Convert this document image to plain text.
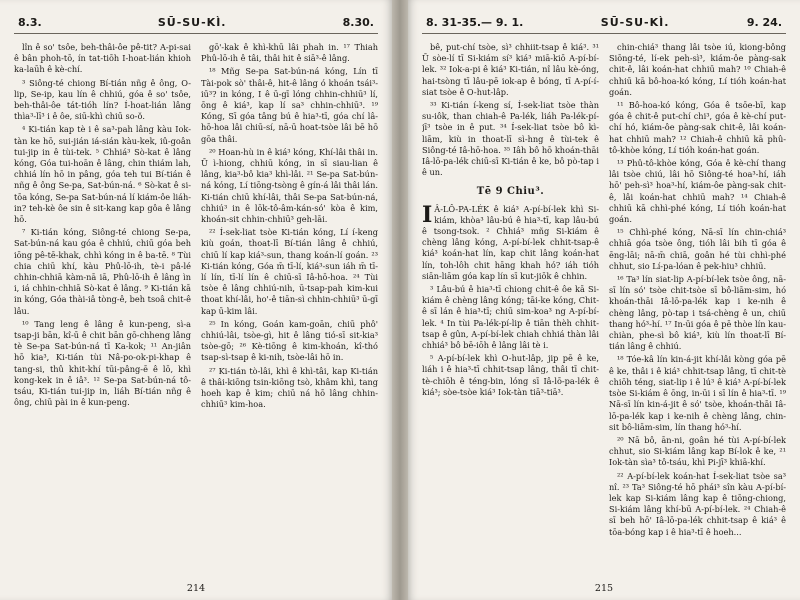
8.3.	SŪ-SU-KÌ.	8.30.

lîn ê so' tsôe, beh-thâi-ôe pê-tit? A-pi-sai ê bân phoh-tō, ín tat-tiōh I-hoat-lián khioh ka-laūh ê kè-chí.

³ Siông-té chiong Bí-tián nñg ê ông, O-lip, Se-ip, kau lín ê chhiú, góa ê so' tsôe, beh-thâi-ôe tát-tióh lín? Í-hoat-lián lâng thìa³-lī³ i ê ôe, siū-khì chiū so-ŏ.

⁴ Ki-tián kap tè i ê sa³-pah lâng kàu Iok-tàn ke hō, sui-jián iá-sián kàu-kek, iû-goân tui-jip in ê tùi-tek. ⁵ Chhiá³ Sò-kat ê lâng kóng, Góa tui-hoān ê lâng, chin thiám lah, chhiá lín hō in pâng, góa teh tui Bí-tián ê nñg ê ông Se-pa, Sat-bún-ná. ⁶ Sò-kat ê si-tōa kóng, Se-pa Sat-bún-ná lí kiám-ôe liáh-in? teh-kè ôe sin ê sit-kang kap gôa ê lâng hō.

⁷ Ki-tián kóng, Siông-té chiong Se-pa, Sat-bún-ná kau góa ê chhiú, chiū góa beh iōng pê-tē-khak, chhì kóng in ê ba-tē. ⁸ Tùi chia chiū khí, kàu Phû-lō-ih, tè-i pâ-lé chhin-chhiā kàm-nā iā, Phû-lō-ih ê lâng ìn i, iá chhin-chhiā Sò-kat ê lâng. ⁹ Ki-tián kā in kóng, Góa thài-iâ tòng-ê, beh tsoâ chit-ê lâu.

¹⁰ Tang leng ê lâng ê kun-peng, sì-a tsap-ji bān, kî-ū ê chit bān gō-chheng lâng tè Se-pa Sat-bún-ná tī Ka-kok; ¹¹ An-jiân hō kia³, Ki-tián tùi Nâ-po-ok-pi-khap ê tang-si, thû khit-khí tūi-pâng-ē ê lō, khì kong-kek in ê iâ³. ¹² Se-pa Sat-bún-ná tô-tsáu, Ki-tián tui-jip in, liáh Bí-tián nñg ê ông, chiū pài in ê kun-peng.

gō'-kak ê khì-khū lâi phah in. ¹⁷ Thiah Phû-lō-ih ê tâi, thâi hit ê siā³-ê lâng.

¹⁸ Mñg Se-pa Sat-bún-ná kóng, Lín tī Tài-pok sò' thâi-ê, hit-ê lâng ó khoán tsái³-iū³? in kóng, I ê ū-gī lóng chhin-chhiū³ lí, ōng ê kiá³, kap lí sa³ chhin-chhiū³. ¹⁹ Kóng, Sī góa tâng bú ê hia³-tī, góa chí lâ-hō-hoa lâi chiū-sí, nā-ū hoat-tsòe lâi bē hō gōa thâi.

²⁰ Hoan-hù in ê kiá³ kóng, Khí-lâi thâi in. Ū ì-hiong, chhiū kóng, in sī siau-lian ê lâng, kia³-bô kia³ khì-lâi. ²¹ Se-pa Sat-bún-ná kóng, Lí tiōng-tsòng ê gín-á lâi thâi lán. Ki-tián chiū khí-lâi, thâi Se-pa Sat-bún-ná, chhiú³ in ê lōk-tô-âm-kán-só' kòa ê kim, khoán-sit chhin-chhiū³ geh-lāi.

²² Í-sek-liat tsòe Ki-tián kóng, Lí í-keng kiù goán, thoat-lī Bí-tián lâng ê chhiú, chiū lí kap kiá³-sun, thang koán-lí goán. ²³ Ki-tián kóng, Góa m̄ tī-lí, kiá³-sun iáh m̄ tī-lí lín, tī-lí lín ê chiū-sī Iâ-hō-hoa. ²⁴ Tùi tsòe ê lâng chhiú-nih, ū-tsap-pah kim-kui thoat khí-lâi, ho'-ê tiān-sì chhin-chhiū³ ū-gī kap ū-kim lâi.

²⁵ In kóng, Goán kam-goān, chiū phô' chhiú-lâi, tsòe-gì, hit ê lâng tió-sī sit-kia³ tsòe-gō; ²⁶ Kè-tiōng ê kim-khoán, kî-thó tsap-sì-tsap ê ki-nih, tsòe-lâi hō in.

²⁷ Ki-tián tò-lâi, khì ê khì-tâi, kap Ki-tián ê thâi-kiōng tsin-kiōng tsò, khâm khì, tang hoeh kap ê kim; chiū ná hō lâng chhin-chhiū³ kim-hoa.

214
8. 31-35.— 9. 1.	SŪ-SU-KÌ.	9. 24.

bê, put-chí tsòe, sì³ chhiit-tsap ê kiá³. ³¹ Ū sòe-lí tī Si-kiám sí³ kiá³ miā-kiō A-pí-bí-lek. ³² Iok-a-pi ê kiá³ Ki-tián, nî lâu kè-óng, hai-tsòng tī lâu-pē iok-ap ê bóng, tī A-pí-í-siat tsòe ê O-hut-lâp.

³³ Ki-tián í-keng sí, Í-sek-liat tsòe thàn su-iôk, than chiah-ê Pa-lék, liáh Pa-lék-pí-jī³ tsòe in ê put. ³⁴ Í-sek-liat tsòe bô kì-liām, kiù in thoat-lī sì-hng ê tùi-tek ê Siông-té Iâ-hō-hoa. ³⁵ Iâh bô hō khoán-thāi Iâ-lō-pa-lék chiū-sī Ki-tián ê ke, bô pò-tap i ê un.

Tē 9 Chiu³.

I Â-LÔ-PA-LÉK ê kiá³ A-pí-bí-lek khì Si-kiám, khòa³ lâu-bú ê hia³-tī, kap lâu-bú ê tsong-tsok. ² Chhiá³ mñg Si-kiám ê chèng lâng kóng, A-pí-bí-lek chhit-tsap-ê kiá³ koán-hat lín, kap chit lâng koán-hat lín, toh-lôh chit hāng khah hó? iáh tióh siān-liām góa kap lín sī kut-jiōk ê chhin.

³ Lâu-bú ê hia³-tī chiong chit-ê ôe kā Si-kiám ê chèng lâng kóng; tāi-ke kóng, Chit-ê sī lán ê hia³-tī; chiū sim-koa³ ng A-pí-bí-lek. ⁴ In tùi Pa-lék-pí-lip ê tiān thèh chhit-tsap ê gûn, A-pí-bí-lek chiah chhiá thàn lâi chhiá³ bô bē-iōh ê lâng lâi tè i.

⁵ A-pí-bí-lek khì O-hut-lâp, jip pē ê ke, liáh i ê hia³-tī chhit-tsap lâng, thâi tī chit-tè-chiōh ê téng-bin, lóng sī Iâ-lō-pa-lék ê kiá³; sòe-tsòe kiá³ Iok-tàn tiā³-tiā³.

chin-chiá³ thang lâi tsòe iú, kiong-bông Siōng-té, lí-ek peh-sì³, kiám-ôe pàng-sak chit-ê, lâi koán-hat chhiū mah? ¹⁰ Chiah-ê chhiū kā bô-hoa-kó kóng, Lí tióh koán-hat goán.

¹¹ Bô-hoa-kó kóng, Góa ê tsōe-bī, kap góa ê chit-ê put-chí chi³, góa ê kè-chí put-chí hó, kiám-ôe pàng-sak chit-ê, lâi koán-hat chhiū mah? ¹² Chiah-ê chhiū kā phû-tô-khòe kóng, Lí tióh koán-hat goán.

¹³ Phû-tô-khòe kóng, Góa ê kè-chí thang lâi tsòe chiú, lâi hō Siông-té hoa³-hí, iáh hō' peh-sì³ hoa³-hí, kiám-ôe pàng-sak chit-ê, lâi koán-hat chhiū mah? ¹⁴ Chiah-ê chhiū kā chhì-phé kóng, Lí tióh koán-hat goán.

¹⁵ Chhì-phé kóng, Nā-sī lín chin-chiá³ chhiā góa tsòe ông, tióh lâi bih tī góa ê ēng-lāi; nā-m̄ chiā, goân hé tùi chhì-phé chhut, sio Lí-pa-lóan ê pek-hiu³ chhiū.

¹⁶ Ta³ lín siat-lip A-pí-bí-lek tsòe ông, nā-sī lín só' tsòe chit-tsòe sī bô-liām-sim, hó khoán-thāi Iâ-lō-pa-lék kap i ke-nih ê chèng lâng, pò-tap i tsá-chèng ê un, chiū thang hó³-hí. ¹⁷ In-ūi góa ê pē thòe lín kau-chiàn, phe-sì bô kiá³, kiù lín thoat-lī Bí-tián lâng ê chhiú.

¹⁸ Tóe-kâ lín kin-á-jit khí-lâi kòng góa pē ê ke, thâi i ê kiá³ chhit-tsap lâng, tī chit-tè chiōh téng, siat-lip i ê lú³ ê kiá³ A-pí-bí-lek tsòe Si-kiám ê ōng, in-ūi i sī lín ê hia³-tī. ¹⁹ Nā-sī lín kin-á-jit ê só' tsòe, khoán-thāi Iâ-lō-pa-lék kap i ke-nih ê chèng lâng, chin-sit bô-liām-sim, lín thang hó³-hí.

²⁰ Nā bô, ān-ni, goân hé tùi A-pí-bí-lek chhut, sio Si-kiám lâng kap Bí-lok ê ke, ²¹ Iok-tàn sìa³ tô-tsáu, khì Pi-jī³ khiā-khí.

²² A-pí-bí-lek koán-hat Í-sek-liat tsòe sa³ nî. ²³ Ta³ Siông-té hō phái³ sîn kàu A-pí-bí-lek kap Si-kiám lâng kap ê tiōng-chiong, Si-kiám lâng khí-bū A-pí-bí-lek. ²⁴ Chiah-ê sī beh hō' Iâ-lō-pa-lék chhit-tsap ê kiá³ ê tōa-bóng kap i ê hia³-tī ê hoeh...

215
